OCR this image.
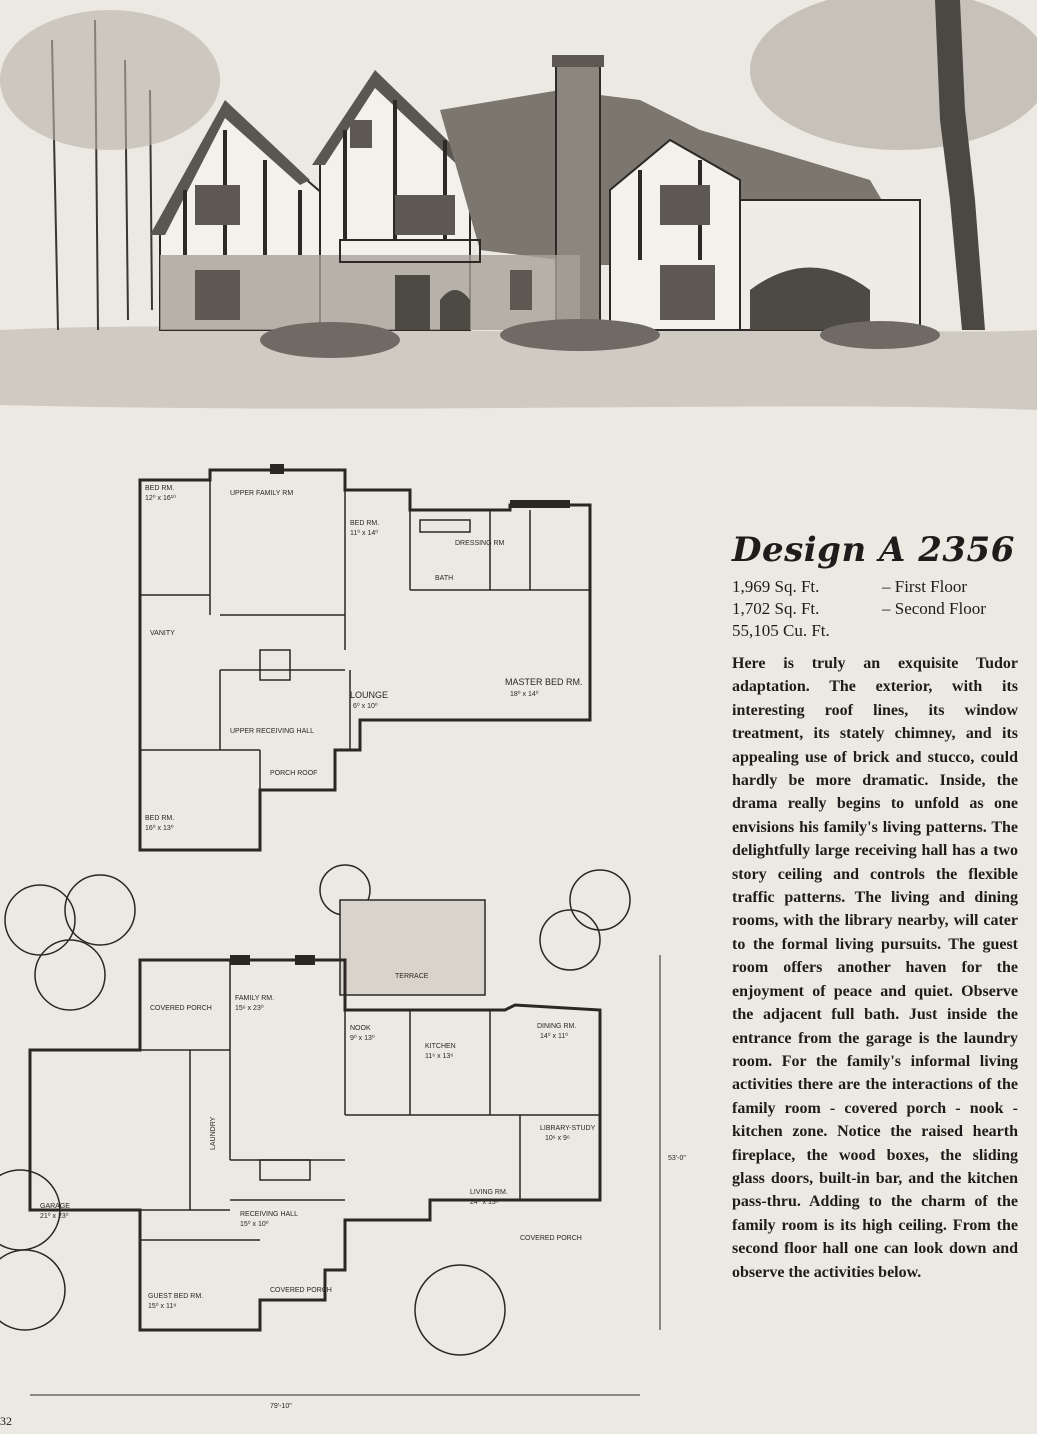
BED RM.
12⁰ x 16¹⁰
UPPER FAMILY RM
BED RM.
11⁰ x 14⁰
DRESSING RM
BATH
VANITY
LOUNGE
6⁰ x 10⁰
MASTER BED RM.
18⁰ x 14⁰
UPPER RECEIVING HALL
PORCH ROOF
BED RM.
16⁰ x 13⁰
79'-10"
53'-0"
FAMILY RM.
15⁶ x 23⁰
COVERED PORCH
TERRACE
NOOK
9⁰ x 13⁰
KITCHEN
11⁶ x 13⁶
DINING RM.
14⁰ x 11⁰
LIBRARY-STUDY
10⁶ x 9⁶
LIVING RM.
24⁰ x 13⁶
COVERED PORCH
RECEIVING HALL
15⁰ x 10⁰
GARAGE
21⁰ x 23⁰
GUEST BED RM.
15⁰ x 11⁸
COVERED PORCH
LAUNDRY
Design A 2356
1,969 Sq. Ft.	– First Floor
1,702 Sq. Ft.	– Second Floor
55,105 Cu. Ft.

Here is truly an exquisite Tudor adaptation. The exterior, with its interesting roof lines, its window treatment, its stately chimney, and its appealing use of brick and stucco, could hardly be more dramatic. Inside, the drama really begins to unfold as one envisions his family's living patterns. The delightfully large receiving hall has a two story ceiling and controls the flexible traffic patterns. The living and dining rooms, with the library nearby, will cater to the formal living pursuits. The guest room offers another haven for the enjoyment of peace and quiet. Observe the adjacent full bath. Just inside the entrance from the garage is the laundry room. For the family's informal living activities there are the interactions of the family room - covered porch - nook - kitchen zone. Notice the raised hearth fireplace, the wood boxes, the sliding glass doors, built-in bar, and the kitchen pass-thru. Adding to the charm of the family room is its high ceiling. From the second floor hall one can look down and observe the activities below.

32
